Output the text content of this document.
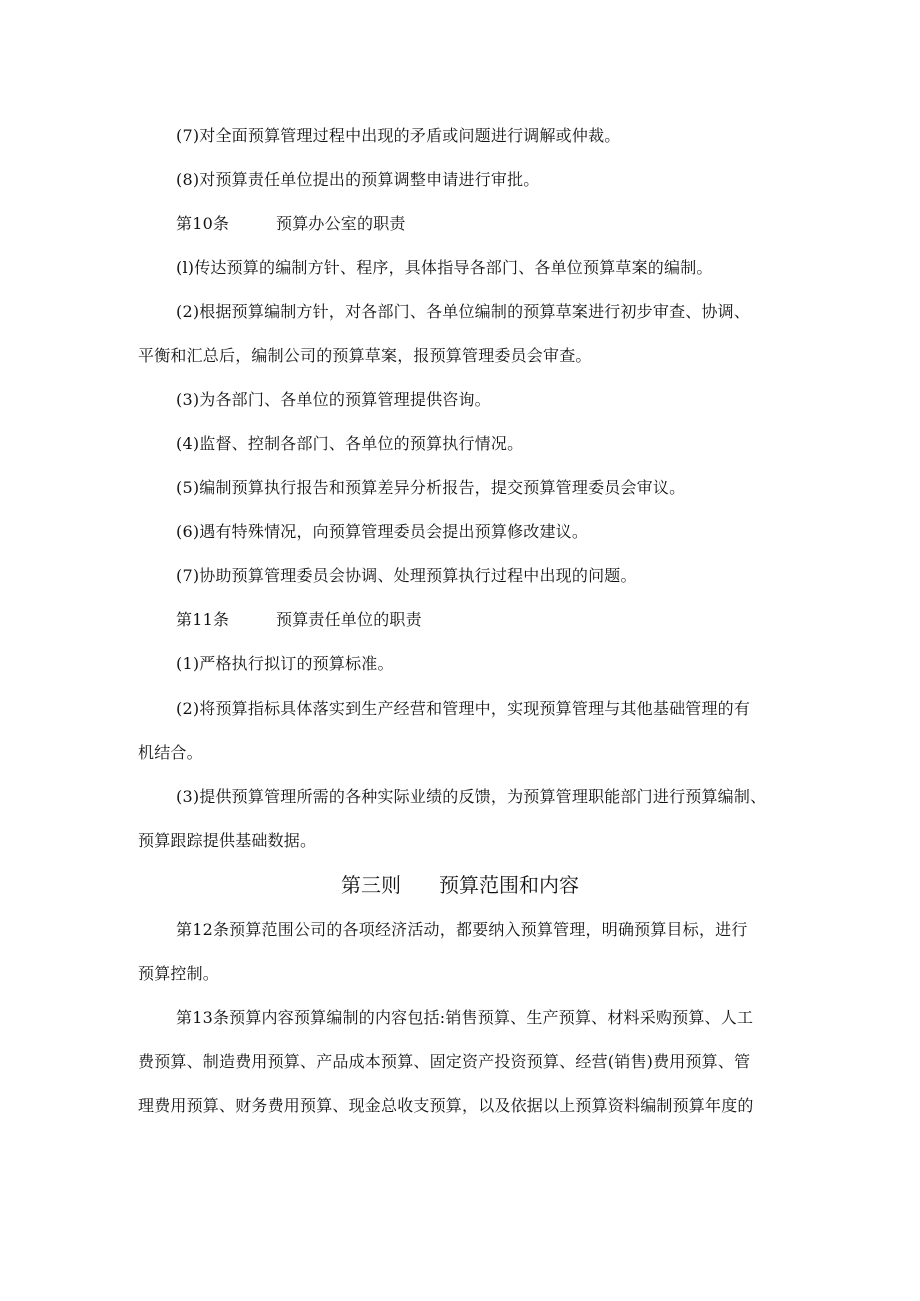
(7)对全面预算管理过程中出现的矛盾或问题进行调解或仲裁。
(8)对预算责任单位提出的预算调整申请进行审批。
第10条	预算办公室的职责
(l)传达预算的编制方针、程序，具体指导各部门、各单位预算草案的编制。
(2)根据预算编制方针，对各部门、各单位编制的预算草案进行初步审查、协调、
平衡和汇总后，编制公司的预算草案，报预算管理委员会审查。
(3)为各部门、各单位的预算管理提供咨询。
(4)监督、控制各部门、各单位的预算执行情况。
(5)编制预算执行报告和预算差异分析报告，提交预算管理委员会审议。
(6)遇有特殊情况，向预算管理委员会提出预算修改建议。
(7)协助预算管理委员会协调、处理预算执行过程中出现的问题。
第11条	预算责任单位的职责
(1)严格执行拟订的预算标准。
(2)将预算指标具体落实到生产经营和管理中，实现预算管理与其他基础管理的有
机结合。
(3)提供预算管理所需的各种实际业绩的反馈，为预算管理职能部门进行预算编制、
预算跟踪提供基础数据。
第三则 预算范围和内容
第12条预算范围公司的各项经济活动，都要纳入预算管理，明确预算目标，进行
预算控制。
第13条预算内容预算编制的内容包括:销售预算、生产预算、材料采购预算、人工
费预算、制造费用预算、产品成本预算、固定资产投资预算、经营(销售)费用预算、管
理费用预算、财务费用预算、现金总收支预算，以及依据以上预算资料编制预算年度的
